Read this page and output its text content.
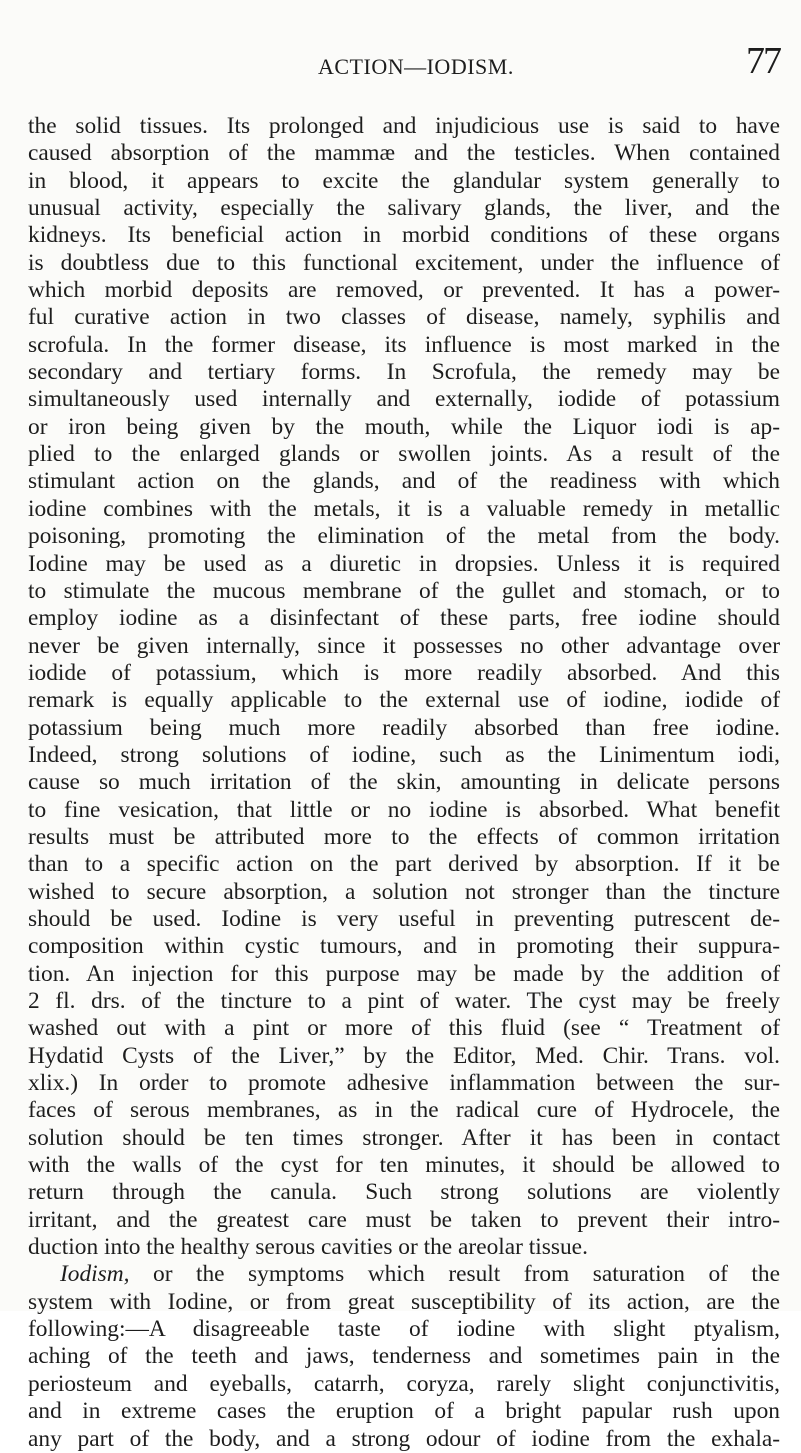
ACTION—IODISM.	77
the solid tissues. Its prolonged and injudicious use is said to have
caused absorption of the mammæ and the testicles. When contained
in blood, it appears to excite the glandular system generally to
unusual activity, especially the salivary glands, the liver, and the
kidneys. Its beneficial action in morbid conditions of these organs
is doubtless due to this functional excitement, under the influence of
which morbid deposits are removed, or prevented. It has a power-
ful curative action in two classes of disease, namely, syphilis and
scrofula. In the former disease, its influence is most marked in the
secondary and tertiary forms. In Scrofula, the remedy may be
simultaneously used internally and externally, iodide of potassium
or iron being given by the mouth, while the Liquor iodi is ap-
plied to the enlarged glands or swollen joints. As a result of the
stimulant action on the glands, and of the readiness with which
iodine combines with the metals, it is a valuable remedy in metallic
poisoning, promoting the elimination of the metal from the body.
Iodine may be used as a diuretic in dropsies. Unless it is required
to stimulate the mucous membrane of the gullet and stomach, or to
employ iodine as a disinfectant of these parts, free iodine should
never be given internally, since it possesses no other advantage over
iodide of potassium, which is more readily absorbed. And this
remark is equally applicable to the external use of iodine, iodide of
potassium being much more readily absorbed than free iodine.
Indeed, strong solutions of iodine, such as the Linimentum iodi,
cause so much irritation of the skin, amounting in delicate persons
to fine vesication, that little or no iodine is absorbed. What benefit
results must be attributed more to the effects of common irritation
than to a specific action on the part derived by absorption. If it be
wished to secure absorption, a solution not stronger than the tincture
should be used. Iodine is very useful in preventing putrescent de-
composition within cystic tumours, and in promoting their suppura-
tion. An injection for this purpose may be made by the addition of
2 fl. drs. of the tincture to a pint of water. The cyst may be freely
washed out with a pint or more of this fluid (see “ Treatment of
Hydatid Cysts of the Liver,” by the Editor, Med. Chir. Trans. vol.
xlix.) In order to promote adhesive inflammation between the sur-
faces of serous membranes, as in the radical cure of Hydrocele, the
solution should be ten times stronger. After it has been in contact
with the walls of the cyst for ten minutes, it should be allowed to
return through the canula. Such strong solutions are violently
irritant, and the greatest care must be taken to prevent their intro-
duction into the healthy serous cavities or the areolar tissue.
Iodism, or the symptoms which result from saturation of the
system with Iodine, or from great susceptibility of its action, are the
following:—A disagreeable taste of iodine with slight ptyalism,
aching of the teeth and jaws, tenderness and sometimes pain in the
periosteum and eyeballs, catarrh, coryza, rarely slight conjunctivitis,
and in extreme cases the eruption of a bright papular rush upon
any part of the body, and a strong odour of iodine from the exhala-
